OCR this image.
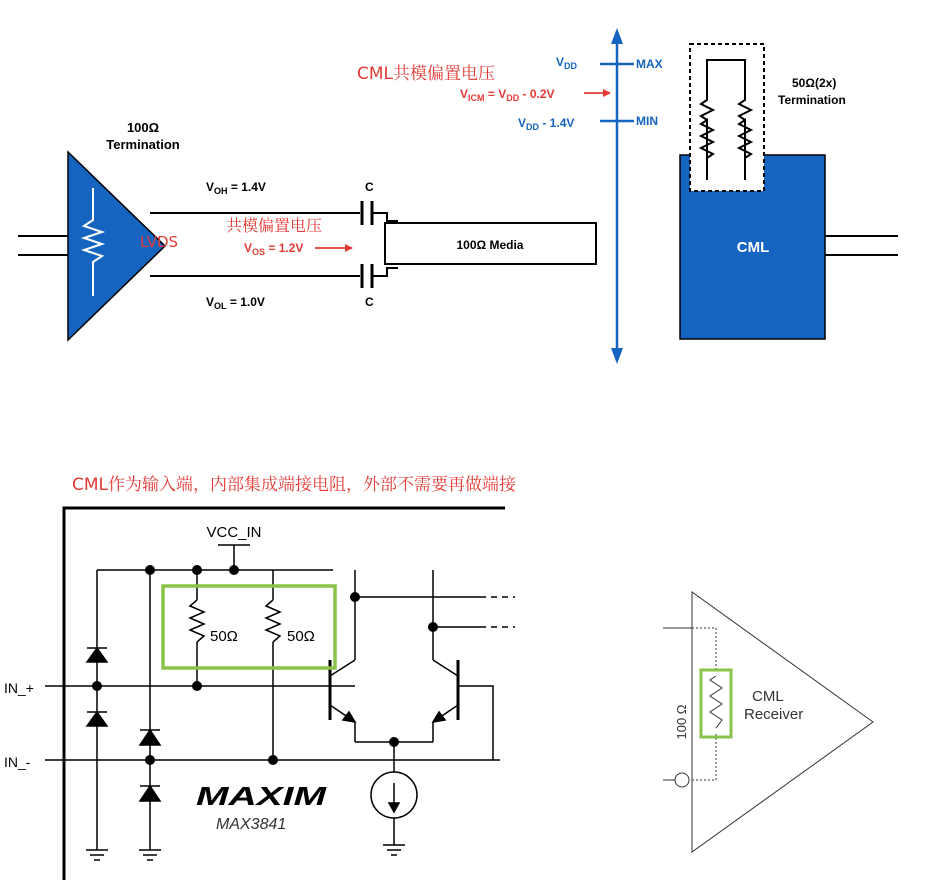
LVDS
100Ω
Termination
$V_{OH} = 1.4V$
$V_{OL} = 1.0V$
共模偏置电压
$V_{OS} = 1.2V$
C
C
100Ω Media
MAX
MIN
$V_{DD}$
$V_{DD} - 1.4V$
CML共模偏置电压
$V_{ICM} = V_{DD} - 0.2V$
50Ω(2x)
Termination
CML
CML作为输入端，内部集成端接电阻，外部不需要再做端接
VCC_IN
50Ω	50Ω
IN_+
IN_-
MAXIM
MAX3841
100 Ω
CML
Receiver
